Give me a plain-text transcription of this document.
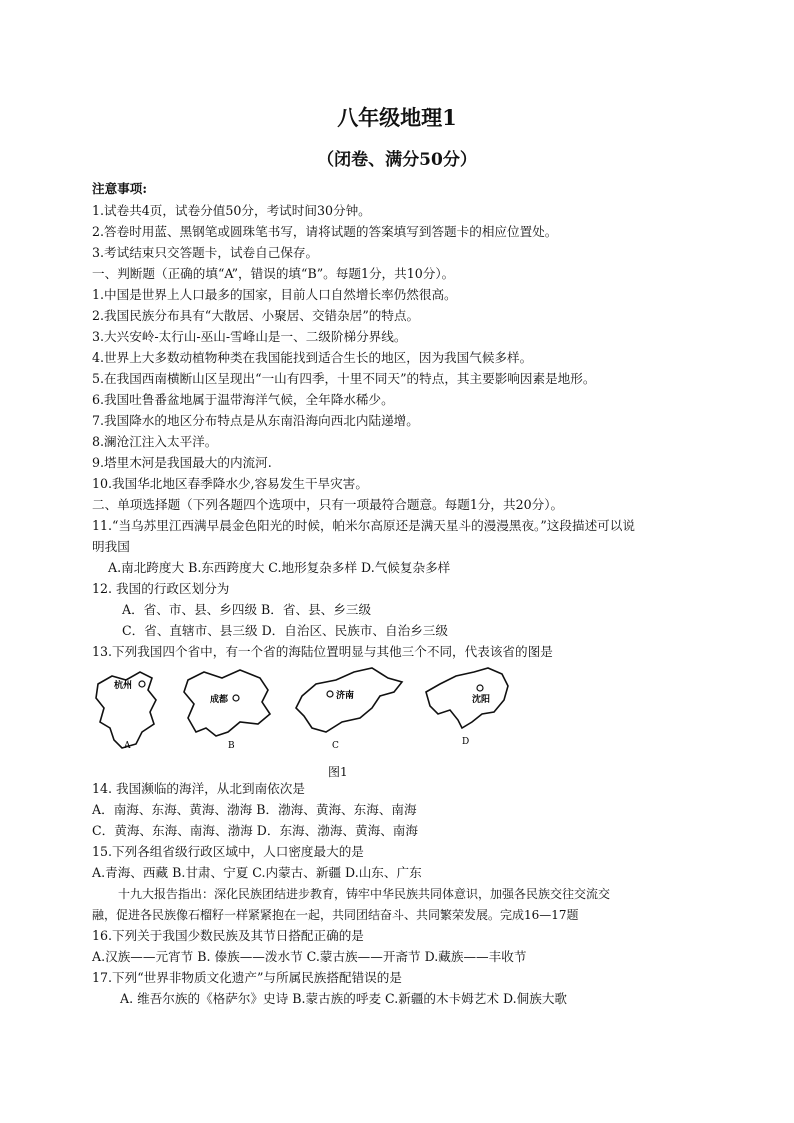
八年级地理1
（闭卷、满分50分）
注意事项:
1.试卷共4页，试卷分值50分，考试时间30分钟。
2.答卷时用蓝、黑钢笔或圆珠笔书写，请将试题的答案填写到答题卡的相应位置处。
3.考试结束只交答题卡，试卷自己保存。
一、判断题（正确的填“A”，错误的填“B”。每题1分，共10分）。
1.中国是世界上人口最多的国家，目前人口自然增长率仍然很高。
2.我国民族分布具有“大散居、小聚居、交错杂居”的特点。
3.大兴安岭-太行山-巫山-雪峰山是一、二级阶梯分界线。
4.世界上大多数动植物种类在我国能找到适合生长的地区，因为我国气候多样。
5.在我国西南横断山区呈现出“一山有四季，十里不同天”的特点，其主要影响因素是地形。
6.我国吐鲁番盆地属于温带海洋气候，全年降水稀少。
7.我国降水的地区分布特点是从东南沿海向西北内陆递增。
8.澜沧江注入太平洋。
9.塔里木河是我国最大的内流河.
10.我国华北地区春季降水少,容易发生干旱灾害。
二、单项选择题（下列各题四个选项中，只有一项最符合题意。每题1分，共20分）。
11.“当乌苏里江西满早晨金色阳光的时候，帕米尔高原还是满天星斗的漫漫黑夜。”这段描述可以说
明我国
A.南北跨度大 B.东西跨度大 C.地形复杂多样 D.气候复杂多样
12. 我国的行政区划分为
A．省、市、县、乡四级 B．省、县、乡三级
C．省、直辖市、县三级 D．自治区、民族市、自治乡三级
13.下列我国四个省中，有一个省的海陆位置明显与其他三个不同，代表该省的图是
杭州
A
成都
B
济南
C
沈阳
D
图1
14. 我国濒临的海洋，从北到南依次是
A．南海、东海、黄海、渤海 B．渤海、黄海、东海、南海
C．黄海、东海、南海、渤海 D．东海、渤海、黄海、南海
15.下列各组省级行政区域中，人口密度最大的是
A.青海、西藏 B.甘肃、宁夏 C.内蒙古、新疆 D.山东、广东
十九大报告指出：深化民族团结进步教育，铸牢中华民族共同体意识，加强各民族交往交流交
融，促进各民族像石榴籽一样紧紧抱在一起，共同团结奋斗、共同繁荣发展。完成16—17题
16.下列关于我国少数民族及其节日搭配正确的是
A.汉族——元宵节 B. 傣族——泼水节 C.蒙古族——开斋节 D.藏族——丰收节
17.下列“世界非物质文化遗产”与所属民族搭配错误的是
A. 维吾尔族的《格萨尔》史诗 B.蒙古族的呼麦 C.新疆的木卡姆艺术 D.侗族大歌
